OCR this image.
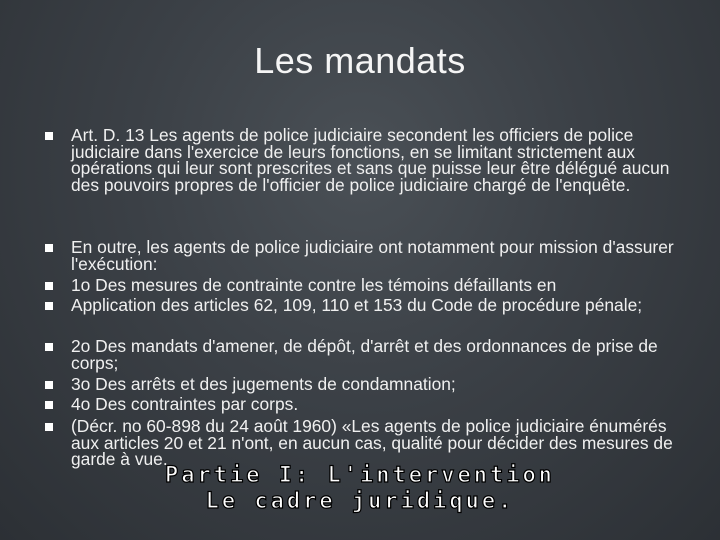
Les mandats
Art. D. 13 Les agents de police judiciaire secondent les officiers de police judiciaire dans l'exercice de leurs fonctions, en se limitant strictement aux opérations qui leur sont prescrites et sans que puisse leur être délégué aucun des pouvoirs propres de l'officier de police judiciaire chargé de l'enquête.
En outre, les agents de police judiciaire ont notamment pour mission d'assurer l'exécution:
1o Des mesures de contrainte contre les témoins défaillants en
Application des articles 62, 109, 110 et 153 du Code de procédure pénale;
2o Des mandats d'amener, de dépôt, d'arrêt et des ordonnances de prise de corps;
3o Des arrêts et des jugements de condamnation;
4o Des contraintes par corps.
(Décr. no 60-898 du 24 août 1960) «Les agents de police judiciaire énumérés aux articles 20 et 21 n'ont, en aucun cas, qualité pour décider des mesures de garde à vue.
Partie I: L'intervention
Le cadre juridique.
